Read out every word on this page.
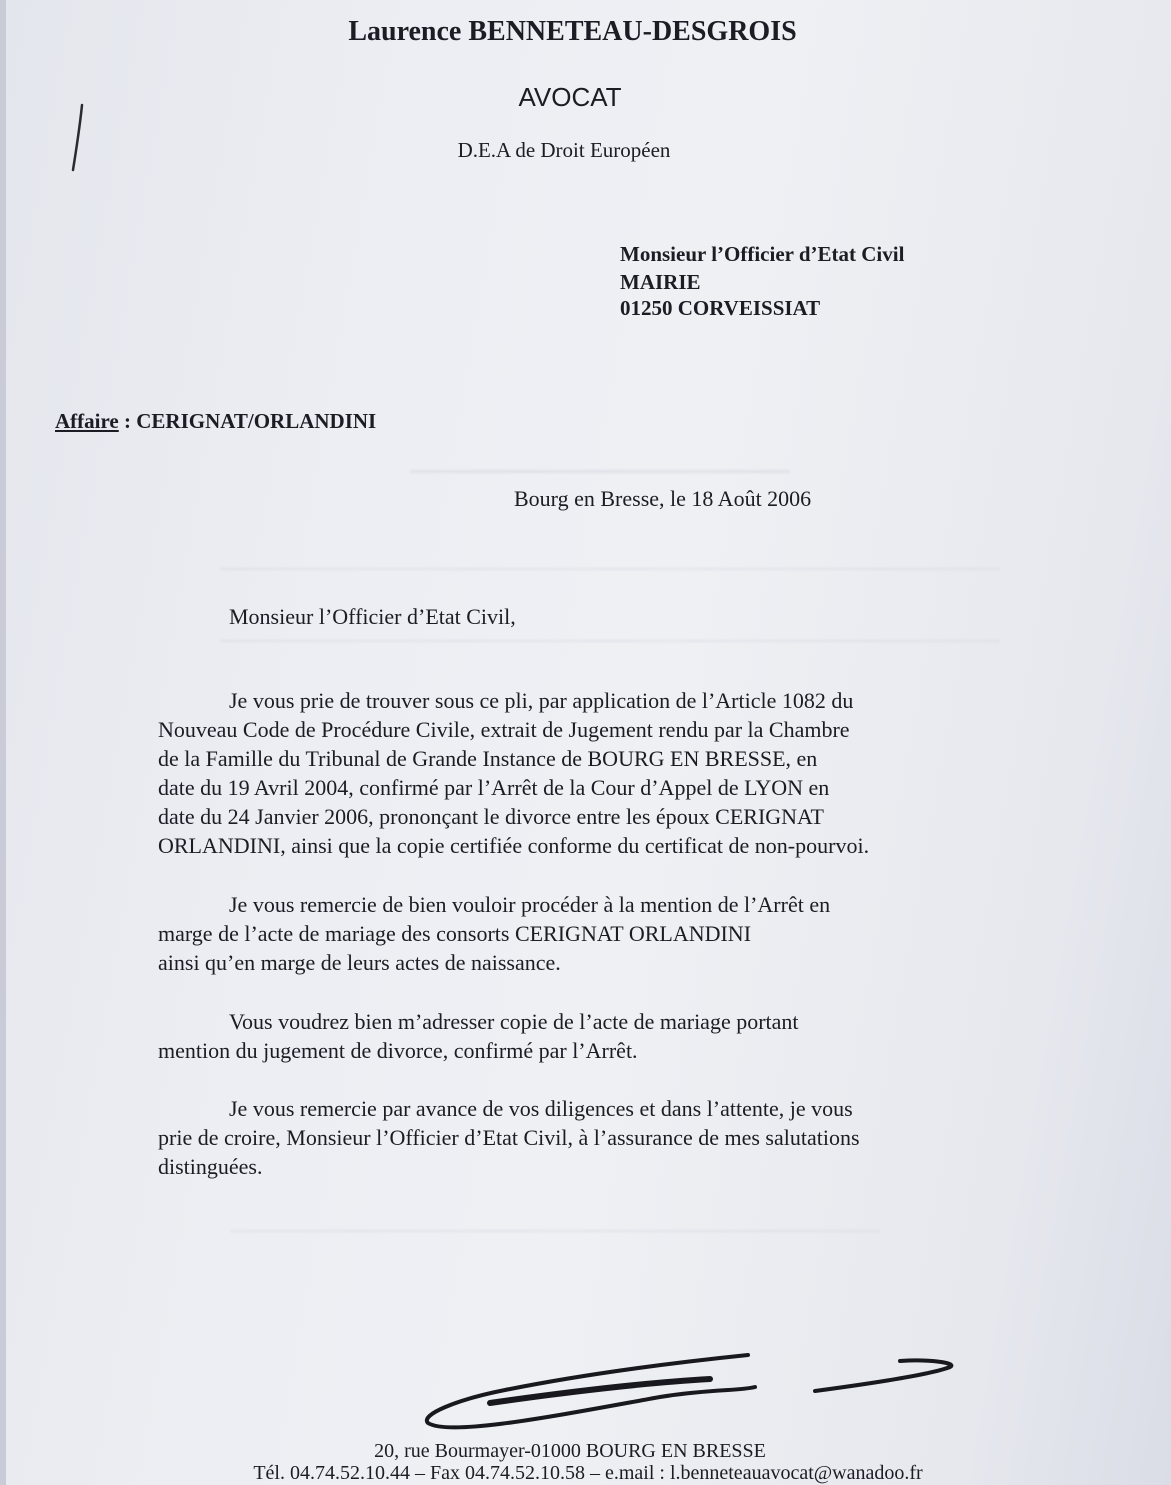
Laurence BENNETEAU-DESGROIS
AVOCAT
D.E.A de Droit Européen
Monsieur l’Officier d’Etat Civil
MAIRIE
01250 CORVEISSIAT
Affaire : CERIGNAT/ORLANDINI
Bourg en Bresse, le 18 Août 2006
Monsieur l’Officier d’Etat Civil,
Je vous prie de trouver sous ce pli, par application de l’Article 1082 du
Nouveau Code de Procédure Civile, extrait de Jugement rendu par la Chambre
de la Famille du Tribunal de Grande Instance de BOURG EN BRESSE, en
date du 19 Avril 2004, confirmé par l’Arrêt de la Cour d’Appel de LYON en
date du 24 Janvier 2006, prononçant le divorce entre les époux CERIGNAT
ORLANDINI, ainsi que la copie certifiée conforme du certificat de non-pourvoi.
Je vous remercie de bien vouloir procéder à la mention de l’Arrêt en
marge de l’acte de mariage des consorts CERIGNAT ORLANDINI
ainsi qu’en marge de leurs actes de naissance.
Vous voudrez bien m’adresser copie de l’acte de mariage portant
mention du jugement de divorce, confirmé par l’Arrêt.
Je vous remercie par avance de vos diligences et dans l’attente, je vous
prie de croire, Monsieur l’Officier d’Etat Civil, à l’assurance de mes salutations
distinguées.
20, rue Bourmayer-01000 BOURG EN BRESSE
Tél. 04.74.52.10.44 – Fax 04.74.52.10.58 – e.mail : l.benneteauavocat@wanadoo.fr
